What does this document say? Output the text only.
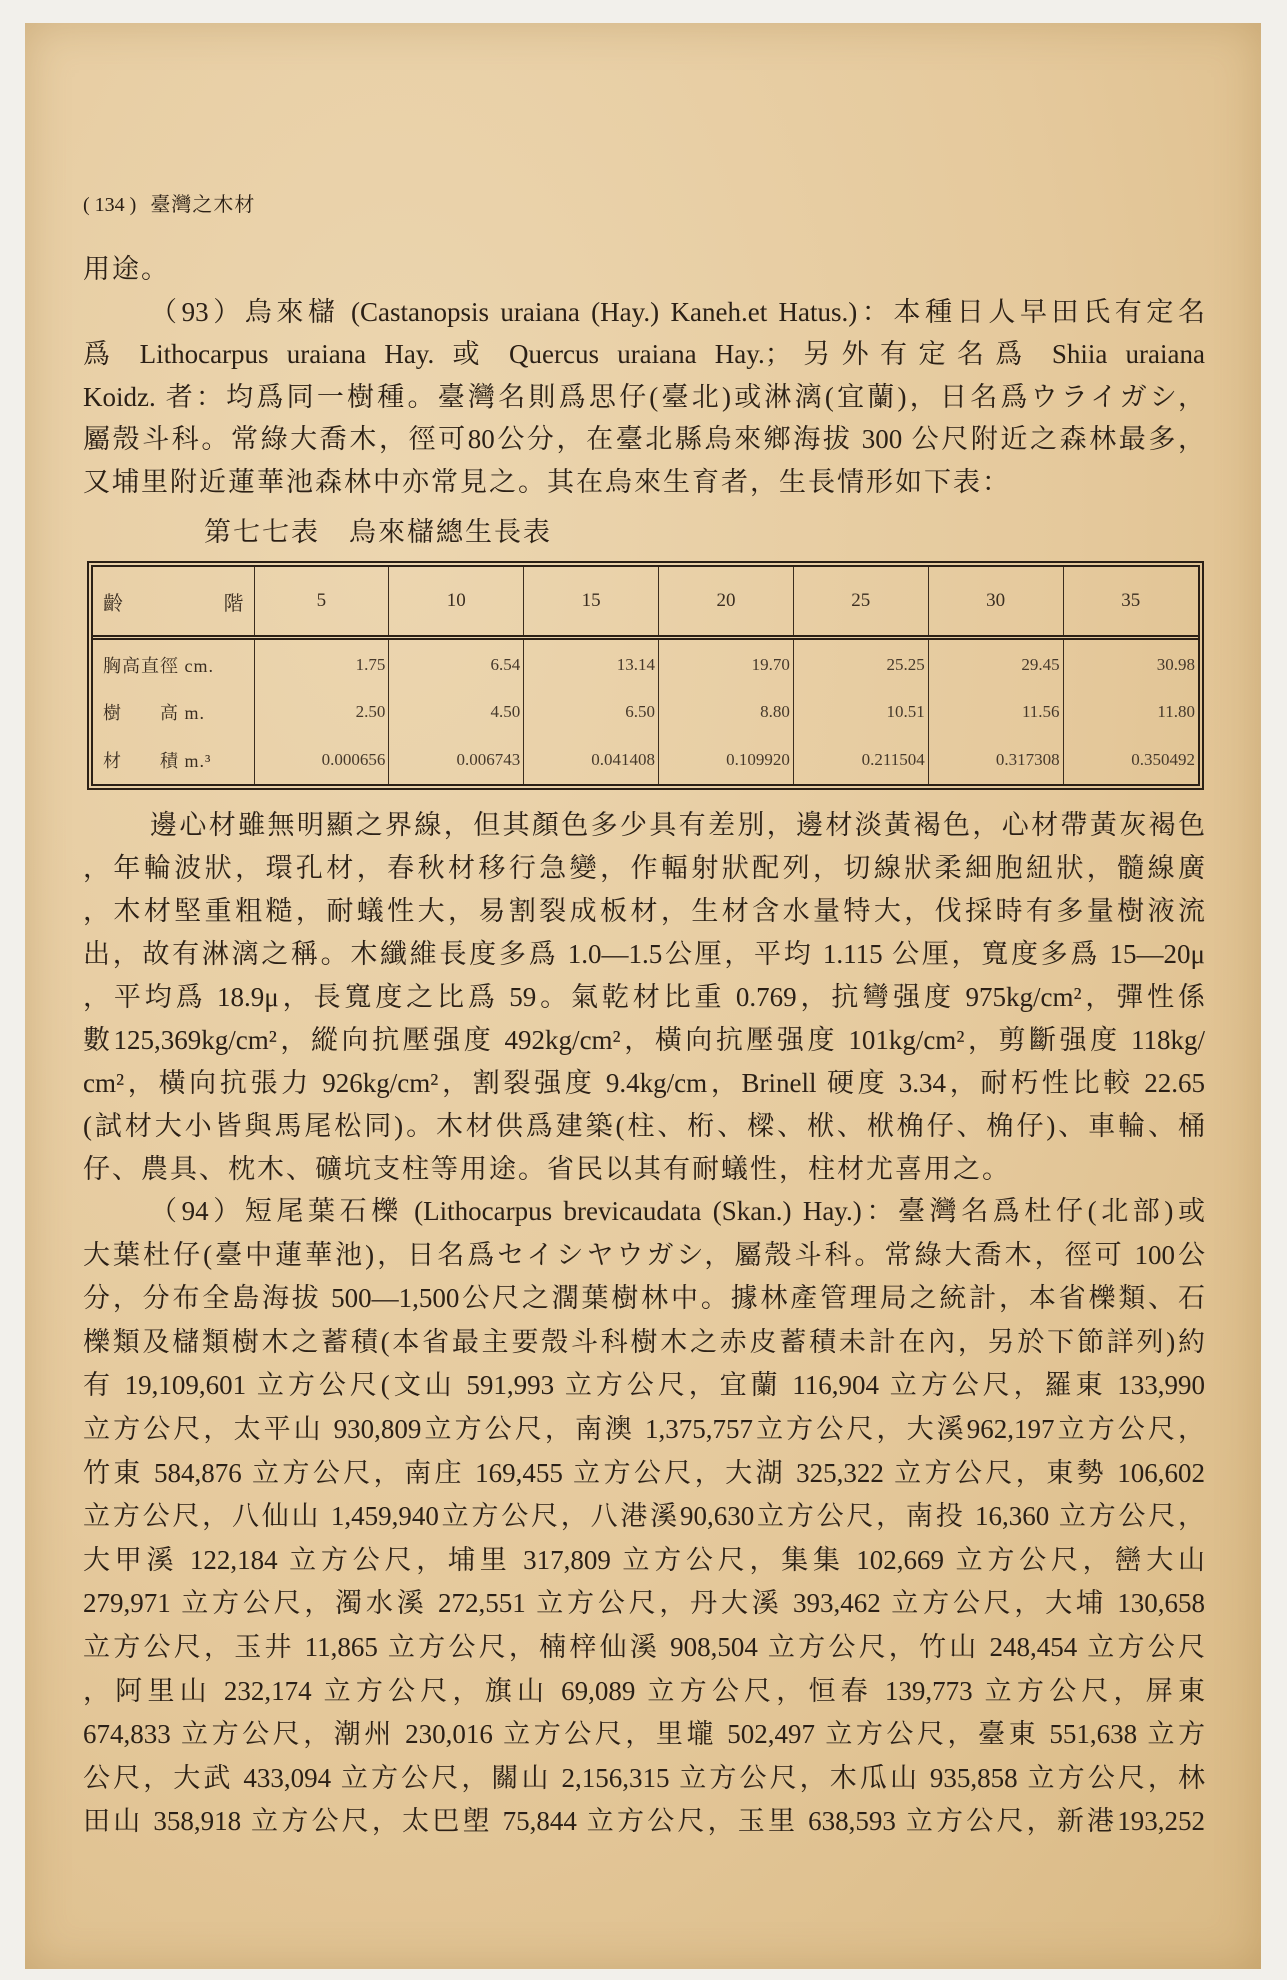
( 134 ) 臺灣之木材
用途。
（93）烏來櫧 (Castanopsis uraiana (Hay.) Kaneh.et Hatus.)：本種日人早田氏有定名
爲 Lithocarpus uraiana Hay. 或 Quercus uraiana Hay.；另外有定名爲 Shiia uraiana
Koidz. 者：均爲同一樹種。臺灣名則爲思仔(臺北)或淋漓(宜蘭)，日名爲ウライガシ，
屬殼斗科。常綠大喬木，徑可80公分，在臺北縣烏來鄉海拔 300 公尺附近之森林最多，
又埔里附近蓮華池森林中亦常見之。其在烏來生育者，生長情形如下表：
第七七表　烏來櫧總生長表
齡　階	5	10	15	20	25	30	35
胸高直徑 cm.	1.75	6.54	13.14	19.70	25.25	29.45	30.98
樹　　高 m.	2.50	4.50	6.50	8.80	10.51	11.56	11.80
材　　積 m.³	0.000656	0.006743	0.041408	0.109920	0.211504	0.317308	0.350492
邊心材雖無明顯之界線，但其顏色多少具有差別，邊材淡黃褐色，心材帶黃灰褐色
，年輪波狀，環孔材，春秋材移行急變，作輻射狀配列，切線狀柔細胞紐狀，髓線廣
，木材堅重粗糙，耐蟻性大，易割裂成板材，生材含水量特大，伐採時有多量樹液流
出，故有淋漓之稱。木纖維長度多爲 1.0—1.5公厘，平均 1.115 公厘，寬度多爲 15—20μ
，平均爲 18.9μ，長寬度之比爲 59。氣乾材比重 0.769，抗彎强度 975kg/cm²，彈性係
數125,369kg/cm²，縱向抗壓强度 492kg/cm²，橫向抗壓强度 101kg/cm²，剪斷强度 118kg/
cm²，橫向抗張力 926kg/cm²，割裂强度 9.4kg/cm，Brinell 硬度 3.34，耐朽性比較 22.65
(試材大小皆與馬尾松同)。木材供爲建築(柱、桁、樑、栿、栿桷仔、桷仔)、車輪、桶
仔、農具、枕木、礦坑支柱等用途。省民以其有耐蟻性，柱材尤喜用之。
（94）短尾葉石櫟 (Lithocarpus brevicaudata (Skan.) Hay.)：臺灣名爲杜仔(北部)或
大葉杜仔(臺中蓮華池)，日名爲セイシヤウガシ，屬殼斗科。常綠大喬木，徑可 100公
分，分布全島海拔 500—1,500公尺之濶葉樹林中。據林產管理局之統計，本省櫟類、石
櫟類及櫧類樹木之蓄積(本省最主要殼斗科樹木之赤皮蓄積未計在內，另於下節詳列)約
有 19,109,601 立方公尺(文山 591,993 立方公尺，宜蘭 116,904 立方公尺，羅東 133,990
立方公尺，太平山 930,809立方公尺，南澳 1,375,757立方公尺，大溪962,197立方公尺，
竹東 584,876 立方公尺，南庄 169,455 立方公尺，大湖 325,322 立方公尺，東勢 106,602
立方公尺，八仙山 1,459,940立方公尺，八港溪90,630立方公尺，南投 16,360 立方公尺，
大甲溪 122,184 立方公尺，埔里 317,809 立方公尺，集集 102,669 立方公尺，巒大山
279,971 立方公尺，濁水溪 272,551 立方公尺，丹大溪 393,462 立方公尺，大埔 130,658
立方公尺，玉井 11,865 立方公尺，楠梓仙溪 908,504 立方公尺，竹山 248,454 立方公尺
，阿里山 232,174 立方公尺，旗山 69,089 立方公尺，恒春 139,773 立方公尺，屏東
674,833 立方公尺，潮州 230,016 立方公尺，里壠 502,497 立方公尺，臺東 551,638 立方
公尺，大武 433,094 立方公尺，關山 2,156,315 立方公尺，木瓜山 935,858 立方公尺，林
田山 358,918 立方公尺，太巴塱 75,844 立方公尺，玉里 638,593 立方公尺，新港193,252
